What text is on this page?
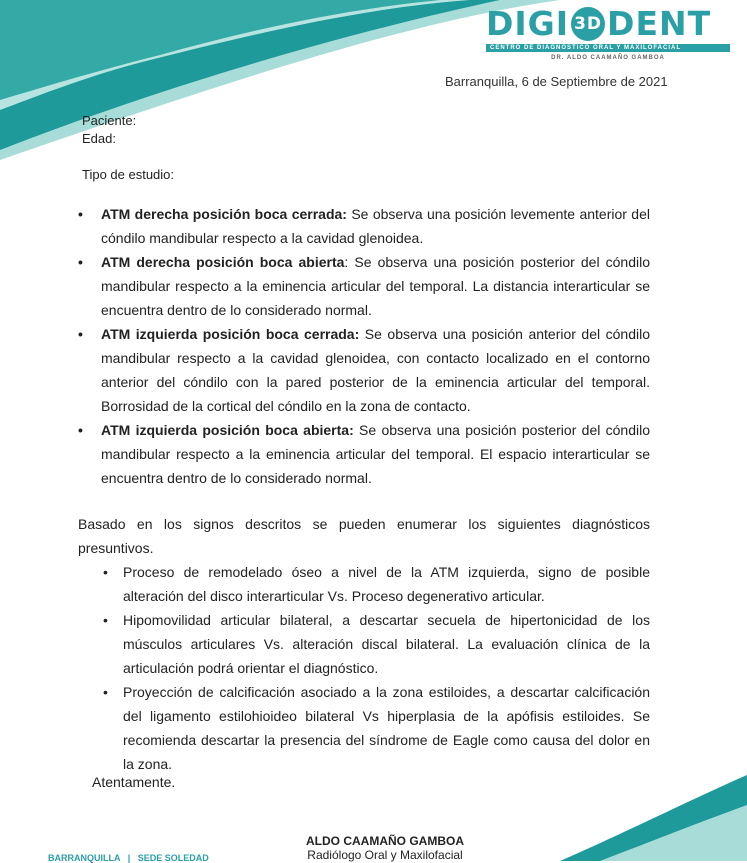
DIGI 3D DENT
CENTRO DE DIAGNÓSTICO ORAL Y MAXILOFACIAL
DR. ALDO CAAMAÑO GAMBOA
Barranquilla, 6 de Septiembre de 2021
Paciente:
Edad:
Tipo de estudio:
• ATM derecha posición boca cerrada: Se observa una posición levemente anterior del cóndilo mandibular respecto a la cavidad glenoidea.
• ATM derecha posición boca abierta: Se observa una posición posterior del cóndilo mandibular respecto a la eminencia articular del temporal. La distancia interarticular se encuentra dentro de lo considerado normal.
• ATM izquierda posición boca cerrada: Se observa una posición anterior del cóndilo mandibular respecto a la cavidad glenoidea, con contacto localizado en el contorno anterior del cóndilo con la pared posterior de la eminencia articular del temporal. Borrosidad de la cortical del cóndilo en la zona de contacto.
• ATM izquierda posición boca abierta: Se observa una posición posterior del cóndilo mandibular respecto a la eminencia articular del temporal. El espacio interarticular se encuentra dentro de lo considerado normal.
Basado en los signos descritos se pueden enumerar los siguientes diagnósticos presuntivos.
• Proceso de remodelado óseo a nivel de la ATM izquierda, signo de posible alteración del disco interarticular Vs. Proceso degenerativo articular.
• Hipomovilidad articular bilateral, a descartar secuela de hipertonicidad de los músculos articulares Vs. alteración discal bilateral. La evaluación clínica de la articulación podrá orientar el diagnóstico.
• Proyección de calcificación asociado a la zona estiloides, a descartar calcificación del ligamento estilohioideo bilateral Vs hiperplasia de la apófisis estiloides. Se recomienda descartar la presencia del síndrome de Eagle como causa del dolor en la zona.
Atentamente.
ALDO CAAMAÑO GAMBOA
Radiólogo Oral y Maxilofacial
BARRANQUILLA | SEDE SOLEDAD
